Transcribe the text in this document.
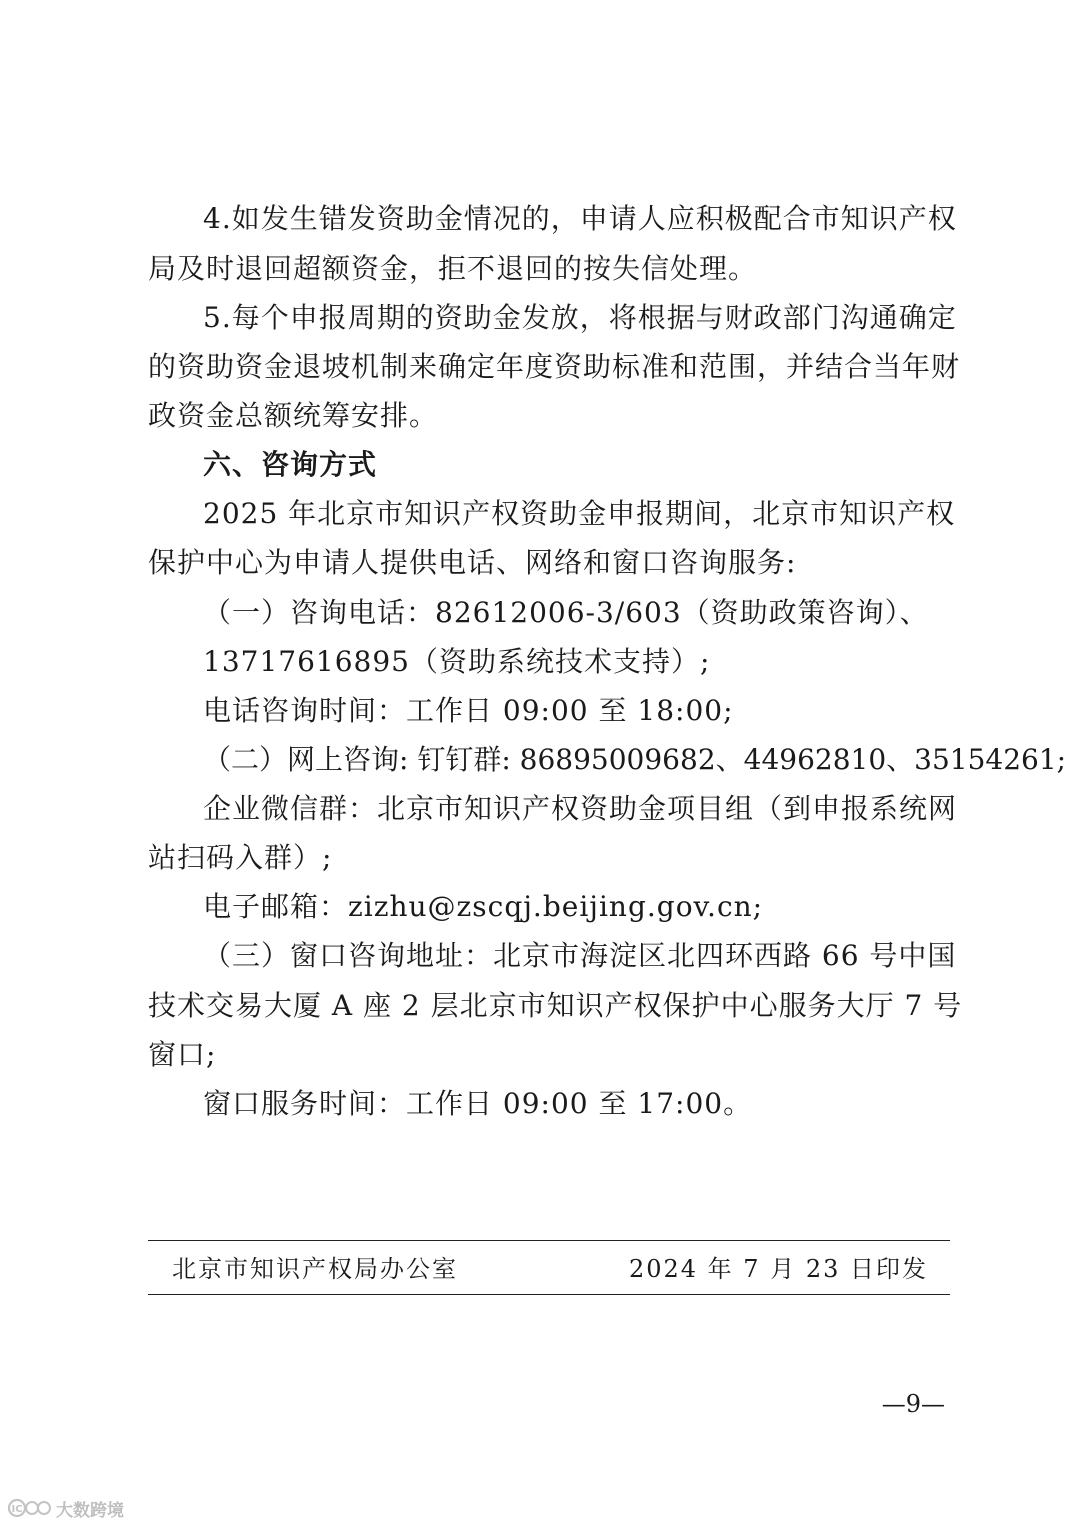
4.如发生错发资助金情况的，申请人应积极配合市知识产权
局及时退回超额资金，拒不退回的按失信处理。
5.每个申报周期的资助金发放，将根据与财政部门沟通确定
的资助资金退坡机制来确定年度资助标准和范围，并结合当年财
政资金总额统筹安排。
六、咨询方式
2025 年北京市知识产权资助金申报期间，北京市知识产权
保护中心为申请人提供电话、网络和窗口咨询服务:
（一）咨询电话：82612006-3/603（资助政策咨询）、
13717616895（资助系统技术支持）;
电话咨询时间：工作日 09:00 至 18:00;
（二）网上咨询: 钉钉群: 86895009682、44962810、35154261;
企业微信群：北京市知识产权资助金项目组（到申报系统网
站扫码入群）;
电子邮箱：zizhu@zscqj.beijing.gov.cn;
（三）窗口咨询地址：北京市海淀区北四环西路 66 号中国
技术交易大厦 A 座 2 层北京市知识产权保护中心服务大厅 7 号
窗口;
窗口服务时间：工作日 09:00 至 17:00。
北京市知识产权局办公室	2024 年 7 月 23 日印发
—9—
IC 大数跨境
